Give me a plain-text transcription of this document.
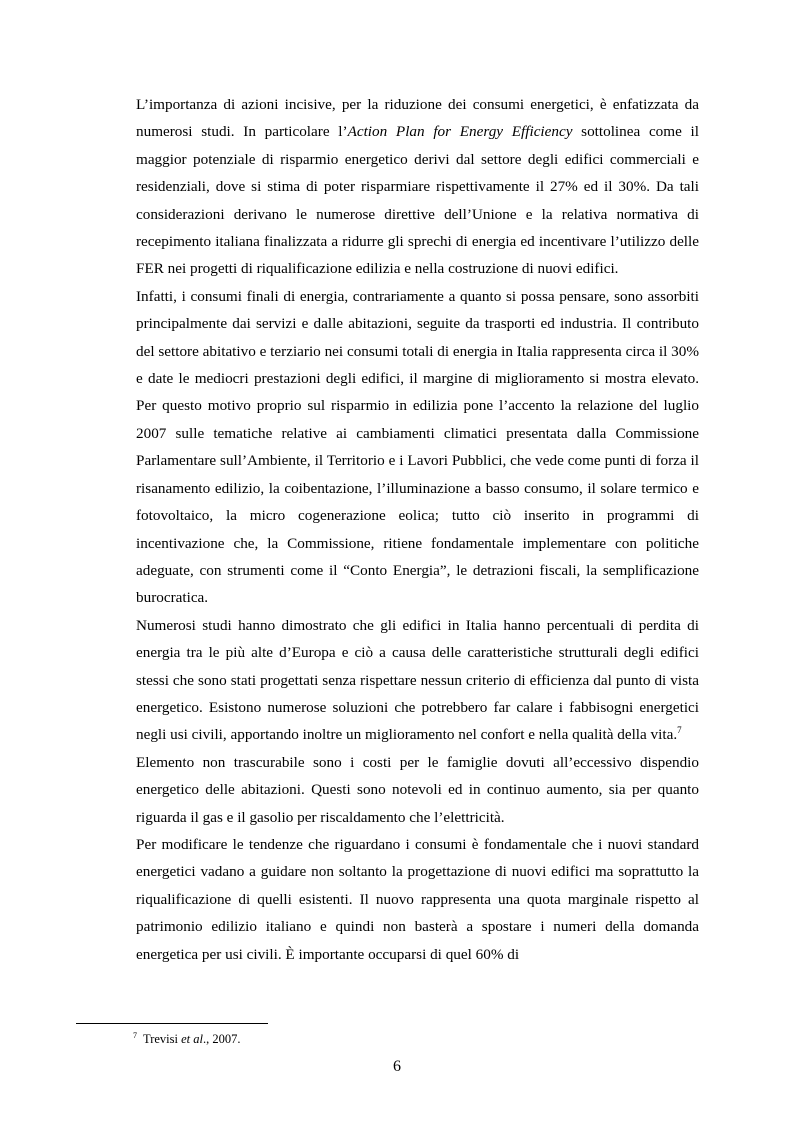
L’importanza di azioni incisive, per la riduzione dei consumi energetici, è enfatizzata da numerosi studi. In particolare l’Action Plan for Energy Efficiency sottolinea come il maggior potenziale di risparmio energetico derivi dal settore degli edifici commerciali e residenziali, dove si stima di poter risparmiare rispettivamente il 27% ed il 30%. Da tali considerazioni derivano le numerose direttive dell’Unione e la relativa normativa di recepimento italiana finalizzata a ridurre gli sprechi di energia ed incentivare l’utilizzo delle FER nei progetti di riqualificazione edilizia e nella costruzione di nuovi edifici.

Infatti, i consumi finali di energia, contrariamente a quanto si possa pensare, sono assorbiti principalmente dai servizi e dalle abitazioni, seguite da trasporti ed industria. Il contributo del settore abitativo e terziario nei consumi totali di energia in Italia rappresenta circa il 30% e date le mediocri prestazioni degli edifici, il margine di miglioramento si mostra elevato. Per questo motivo proprio sul risparmio in edilizia pone l’accento la relazione del luglio 2007 sulle tematiche relative ai cambiamenti climatici presentata dalla Commissione Parlamentare sull’Ambiente, il Territorio e i Lavori Pubblici, che vede come punti di forza il risanamento edilizio, la coibentazione, l’illuminazione a basso consumo, il solare termico e fotovoltaico, la micro cogenerazione eolica; tutto ciò inserito in programmi di incentivazione che, la Commissione, ritiene fondamentale implementare con politiche adeguate, con strumenti come il “Conto Energia”, le detrazioni fiscali, la semplificazione burocratica.

Numerosi studi hanno dimostrato che gli edifici in Italia hanno percentuali di perdita di energia tra le più alte d’Europa e ciò a causa delle caratteristiche strutturali degli edifici stessi che sono stati progettati senza rispettare nessun criterio di efficienza dal punto di vista energetico. Esistono numerose soluzioni che potrebbero far calare i fabbisogni energetici negli usi civili, apportando inoltre un miglioramento nel confort e nella qualità della vita.$^7$

Elemento non trascurabile sono i costi per le famiglie dovuti all’eccessivo dispendio energetico delle abitazioni. Questi sono notevoli ed in continuo aumento, sia per quanto riguarda il gas e il gasolio per riscaldamento che l’elettricità.

Per modificare le tendenze che riguardano i consumi è fondamentale che i nuovi standard energetici vadano a guidare non soltanto la progettazione di nuovi edifici ma soprattutto la riqualificazione di quelli esistenti. Il nuovo rappresenta una quota marginale rispetto al patrimonio edilizio italiano e quindi non basterà a spostare i numeri della domanda energetica per usi civili. È importante occuparsi di quel 60% di

$^7$ Trevisi et al., 2007.
6
